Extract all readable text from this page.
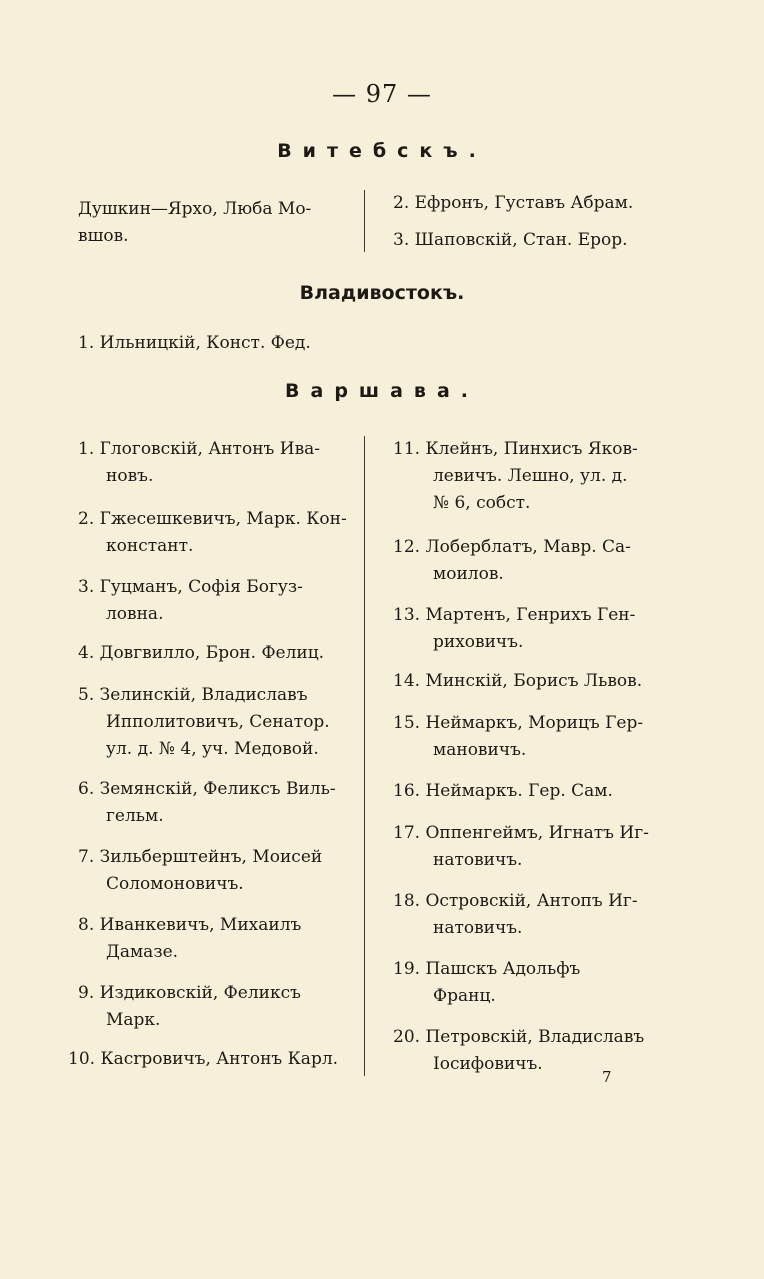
— 97 —
Витебскъ.
Душкин—Ярхо, Люба Мо-
вшов.
2. Ефронъ, Густавъ Абрам.
3. Шаповскій, Стан. Ерор.
Владивостокъ.
1. Ильницкій, Конст. Фед.
Варшава.
1. Глоговскій, Антонъ Ива-
новъ.
2. Гжесешкевичъ, Марк. Кон-
констант.
3. Гуцманъ, Софія Богуз-
ловна.
4. Довгвилло, Брон. Фелиц.
5. Зелинскій, Владиславъ
Ипполитовичъ, Сенатор.
ул. д. № 4, уч. Медовой.
6. Земянскій, Феликсъ Виль-
гельм.
7. Зильберштейнъ, Моисей
Соломоновичъ.
8. Иванкевичъ, Михаилъ
Дамазе.
9. Издиковскій, Феликсъ
Марк.
10. Касrровичъ, Антонъ Карл.
11. Клейнъ, Пинхисъ Яков-
левичъ. Лешно, ул. д.
№ 6, собст.
12. Лоберблатъ, Мавр. Са-
моилов.
13. Мартенъ, Генрихъ Ген-
риховичъ.
14. Минскій, Борисъ Львов.
15. Неймаркъ, Морицъ Гер-
мановичъ.
16. Неймаркъ. Гер. Сам.
17. Оппенгеймъ, Игнатъ Иг-
натовичъ.
18. Островскій, Антопъ Иг-
натовичъ.
19. Пашскъ Адольфъ
Франц.
20. Петровскій, Владиславъ
Іосифовичъ.
7
